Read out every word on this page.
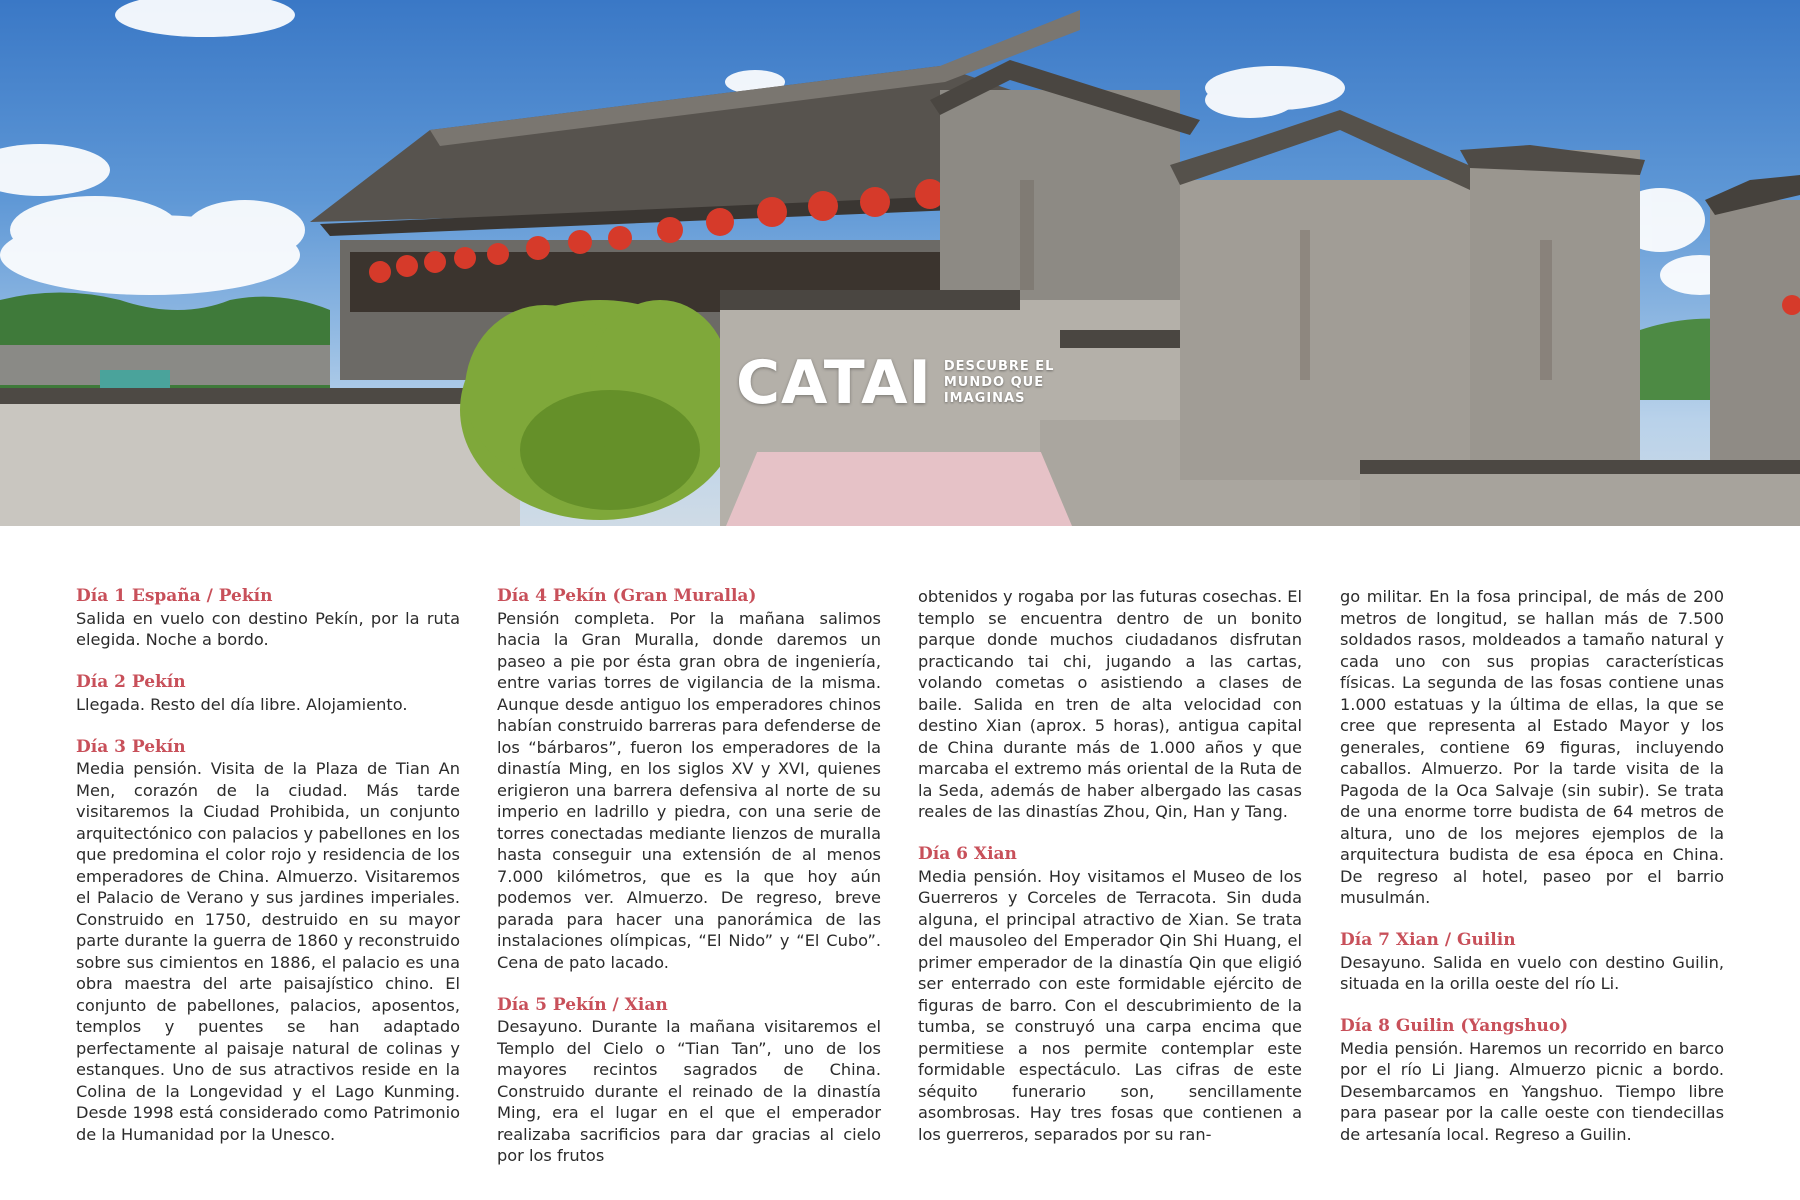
CATAI DESCUBRE EL
MUNDO QUE
IMAGINAS
Día 1 España / Pekín

Salida en vuelo con destino Pekín, por la ruta elegida. Noche a bordo.

Día 2 Pekín

Llegada. Resto del día libre. Alojamiento.

Día 3 Pekín

Media pensión. Visita de la Plaza de Tian An Men, corazón de la ciudad. Más tarde visitaremos la Ciudad Prohibida, un conjunto arquitectónico con palacios y pabellones en los que predomina el color rojo y residencia de los emperadores de China. Almuerzo. Visitaremos el Palacio de Verano y sus jardines imperiales. Construido en 1750, destruido en su mayor parte durante la guerra de 1860 y reconstruido sobre sus cimientos en 1886, el palacio es una obra maestra del arte paisajístico chino. El conjunto de pabellones, palacios, aposentos, templos y puentes se han adaptado perfectamente al paisaje natural de colinas y estanques. Uno de sus atractivos reside en la Colina de la Longevidad y el Lago Kunming. Desde 1998 está considerado como Patrimonio de la Humanidad por la Unesco.

Día 4 Pekín (Gran Muralla)

Pensión completa. Por la mañana salimos hacia la Gran Muralla, donde daremos un paseo a pie por ésta gran obra de ingeniería, entre varias torres de vigilancia de la misma. Aunque desde antiguo los emperadores chinos habían construido barreras para defenderse de los “bárbaros”, fueron los emperadores de la dinastía Ming, en los siglos XV y XVI, quienes erigieron una barrera defensiva al norte de su imperio en ladrillo y piedra, con una serie de torres conectadas mediante lienzos de muralla hasta conseguir una extensión de al menos 7.000 kilómetros, que es la que hoy aún podemos ver. Almuerzo. De regreso, breve parada para hacer una panorámica de las instalaciones olímpicas, “El Nido” y “El Cubo”. Cena de pato lacado.

Día 5 Pekín / Xian

Desayuno. Durante la mañana visitaremos el Templo del Cielo o “Tian Tan”, uno de los mayores recintos sagrados de China. Construido durante el reinado de la dinastía Ming, era el lugar en el que el emperador realizaba sacrificios para dar gracias al cielo por los frutos

obtenidos y rogaba por las futuras cosechas. El templo se encuentra dentro de un bonito parque donde muchos ciudadanos disfrutan practicando tai chi, jugando a las cartas, volando cometas o asistiendo a clases de baile. Salida en tren de alta velocidad con destino Xian (aprox. 5 horas), antigua capital de China durante más de 1.000 años y que marcaba el extremo más oriental de la Ruta de la Seda, además de haber albergado las casas reales de las dinastías Zhou, Qin, Han y Tang.

Día 6 Xian

Media pensión. Hoy visitamos el Museo de los Guerreros y Corceles de Terracota. Sin duda alguna, el principal atractivo de Xian. Se trata del mausoleo del Emperador Qin Shi Huang, el primer emperador de la dinastía Qin que eligió ser enterrado con este formidable ejército de figuras de barro. Con el descubrimiento de la tumba, se construyó una carpa encima que permitiese a nos permite contemplar este formidable espectáculo. Las cifras de este séquito funerario son, sencillamente asombrosas. Hay tres fosas que contienen a los guerreros, separados por su ran-

go militar. En la fosa principal, de más de 200 metros de longitud, se hallan más de 7.500 soldados rasos, moldeados a tamaño natural y cada uno con sus propias características físicas. La segunda de las fosas contiene unas 1.000 estatuas y la última de ellas, la que se cree que representa al Estado Mayor y los generales, contiene 69 figuras, incluyendo caballos. Almuerzo. Por la tarde visita de la Pagoda de la Oca Salvaje (sin subir). Se trata de una enorme torre budista de 64 metros de altura, uno de los mejores ejemplos de la arquitectura budista de esa época en China. De regreso al hotel, paseo por el barrio musulmán.

Día 7 Xian / Guilin

Desayuno. Salida en vuelo con destino Guilin, situada en la orilla oeste del río Li.

Día 8 Guilin (Yangshuo)

Media pensión. Haremos un recorrido en barco por el río Li Jiang. Almuerzo picnic a bordo. Desembarcamos en Yangshuo. Tiempo libre para pasear por la calle oeste con tiendecillas de artesanía local. Regreso a Guilin.
